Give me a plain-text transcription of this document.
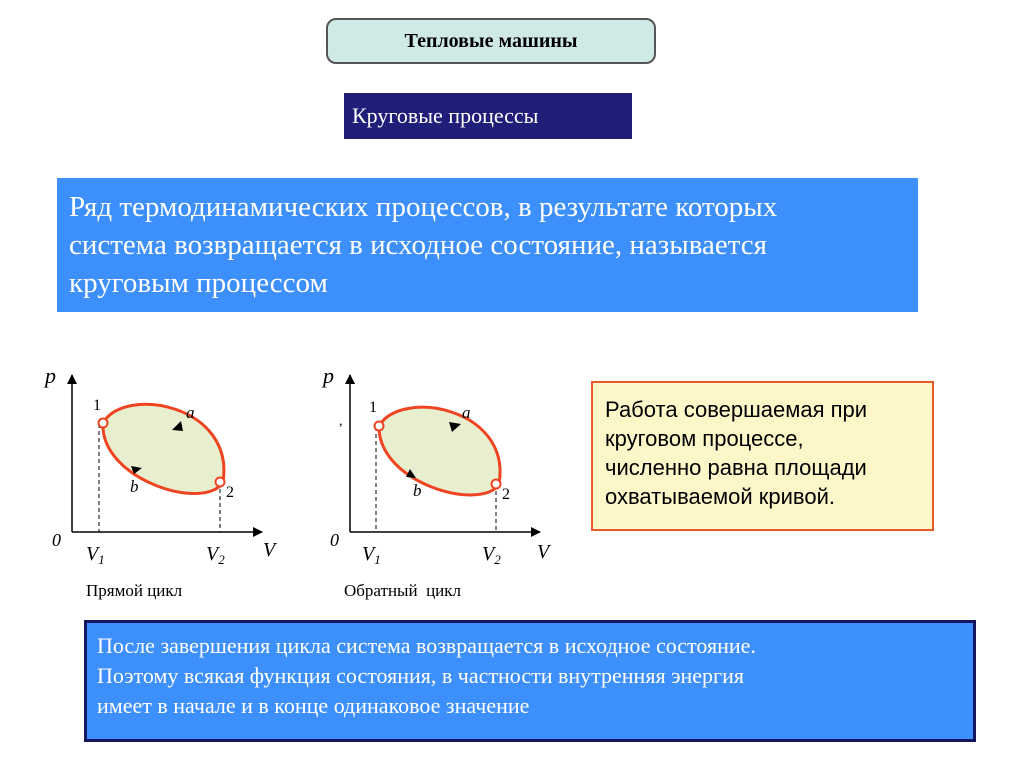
Тепловые машины
Круговые процессы
Ряд термодинамических процессов, в результате которых
система возвращается в исходное состояние, называется
круговым процессом
p
V
0
$V_1$	$V_2$
1
2
a
b
p
V
0
$V_1$	$V_2$
1
2
a
b
,
Прямой цикл	Обратный  цикл
Работа совершаемая при
круговом процессе,
численно равна площади
охватываемой кривой.
После завершения цикла система возвращается в исходное состояние.
Поэтому всякая функция состояния, в частности внутренняя энергия
имеет в начале и в конце одинаковое значение
